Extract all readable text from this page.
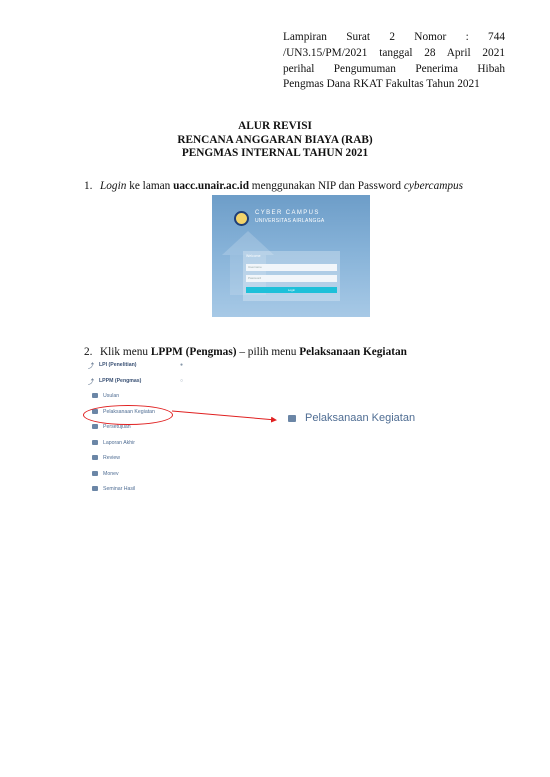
Lampiran Surat 2 Nomor : 744
/UN3.15/PM/2021 tanggal 28 April 2021
perihal Pengumuman Penerima Hibah
Pengmas Dana RKAT Fakultas Tahun 2021
ALUR REVISI
RENCANA ANGGARAN BIAYA (RAB)
PENGMAS INTERNAL TAHUN 2021
1. Login ke laman uacc.unair.ac.id menggunakan NIP dan Password cybercampus
CYBER CAMPUS
UNIVERSITAS AIRLANGGA
Welcome
Username
Password
Login
2. Klik menu LPPM (Pengmas) – pilih menu Pelaksanaan Kegiatan
⤴ LPI (Penelitian)	●
⤴ LPPM (Pengmas)	○
Usulan
Pelaksanaan Kegiatan
Persetujuan
Laporan Akhir
Review
Monev
Seminar Hasil
Pelaksanaan Kegiatan
